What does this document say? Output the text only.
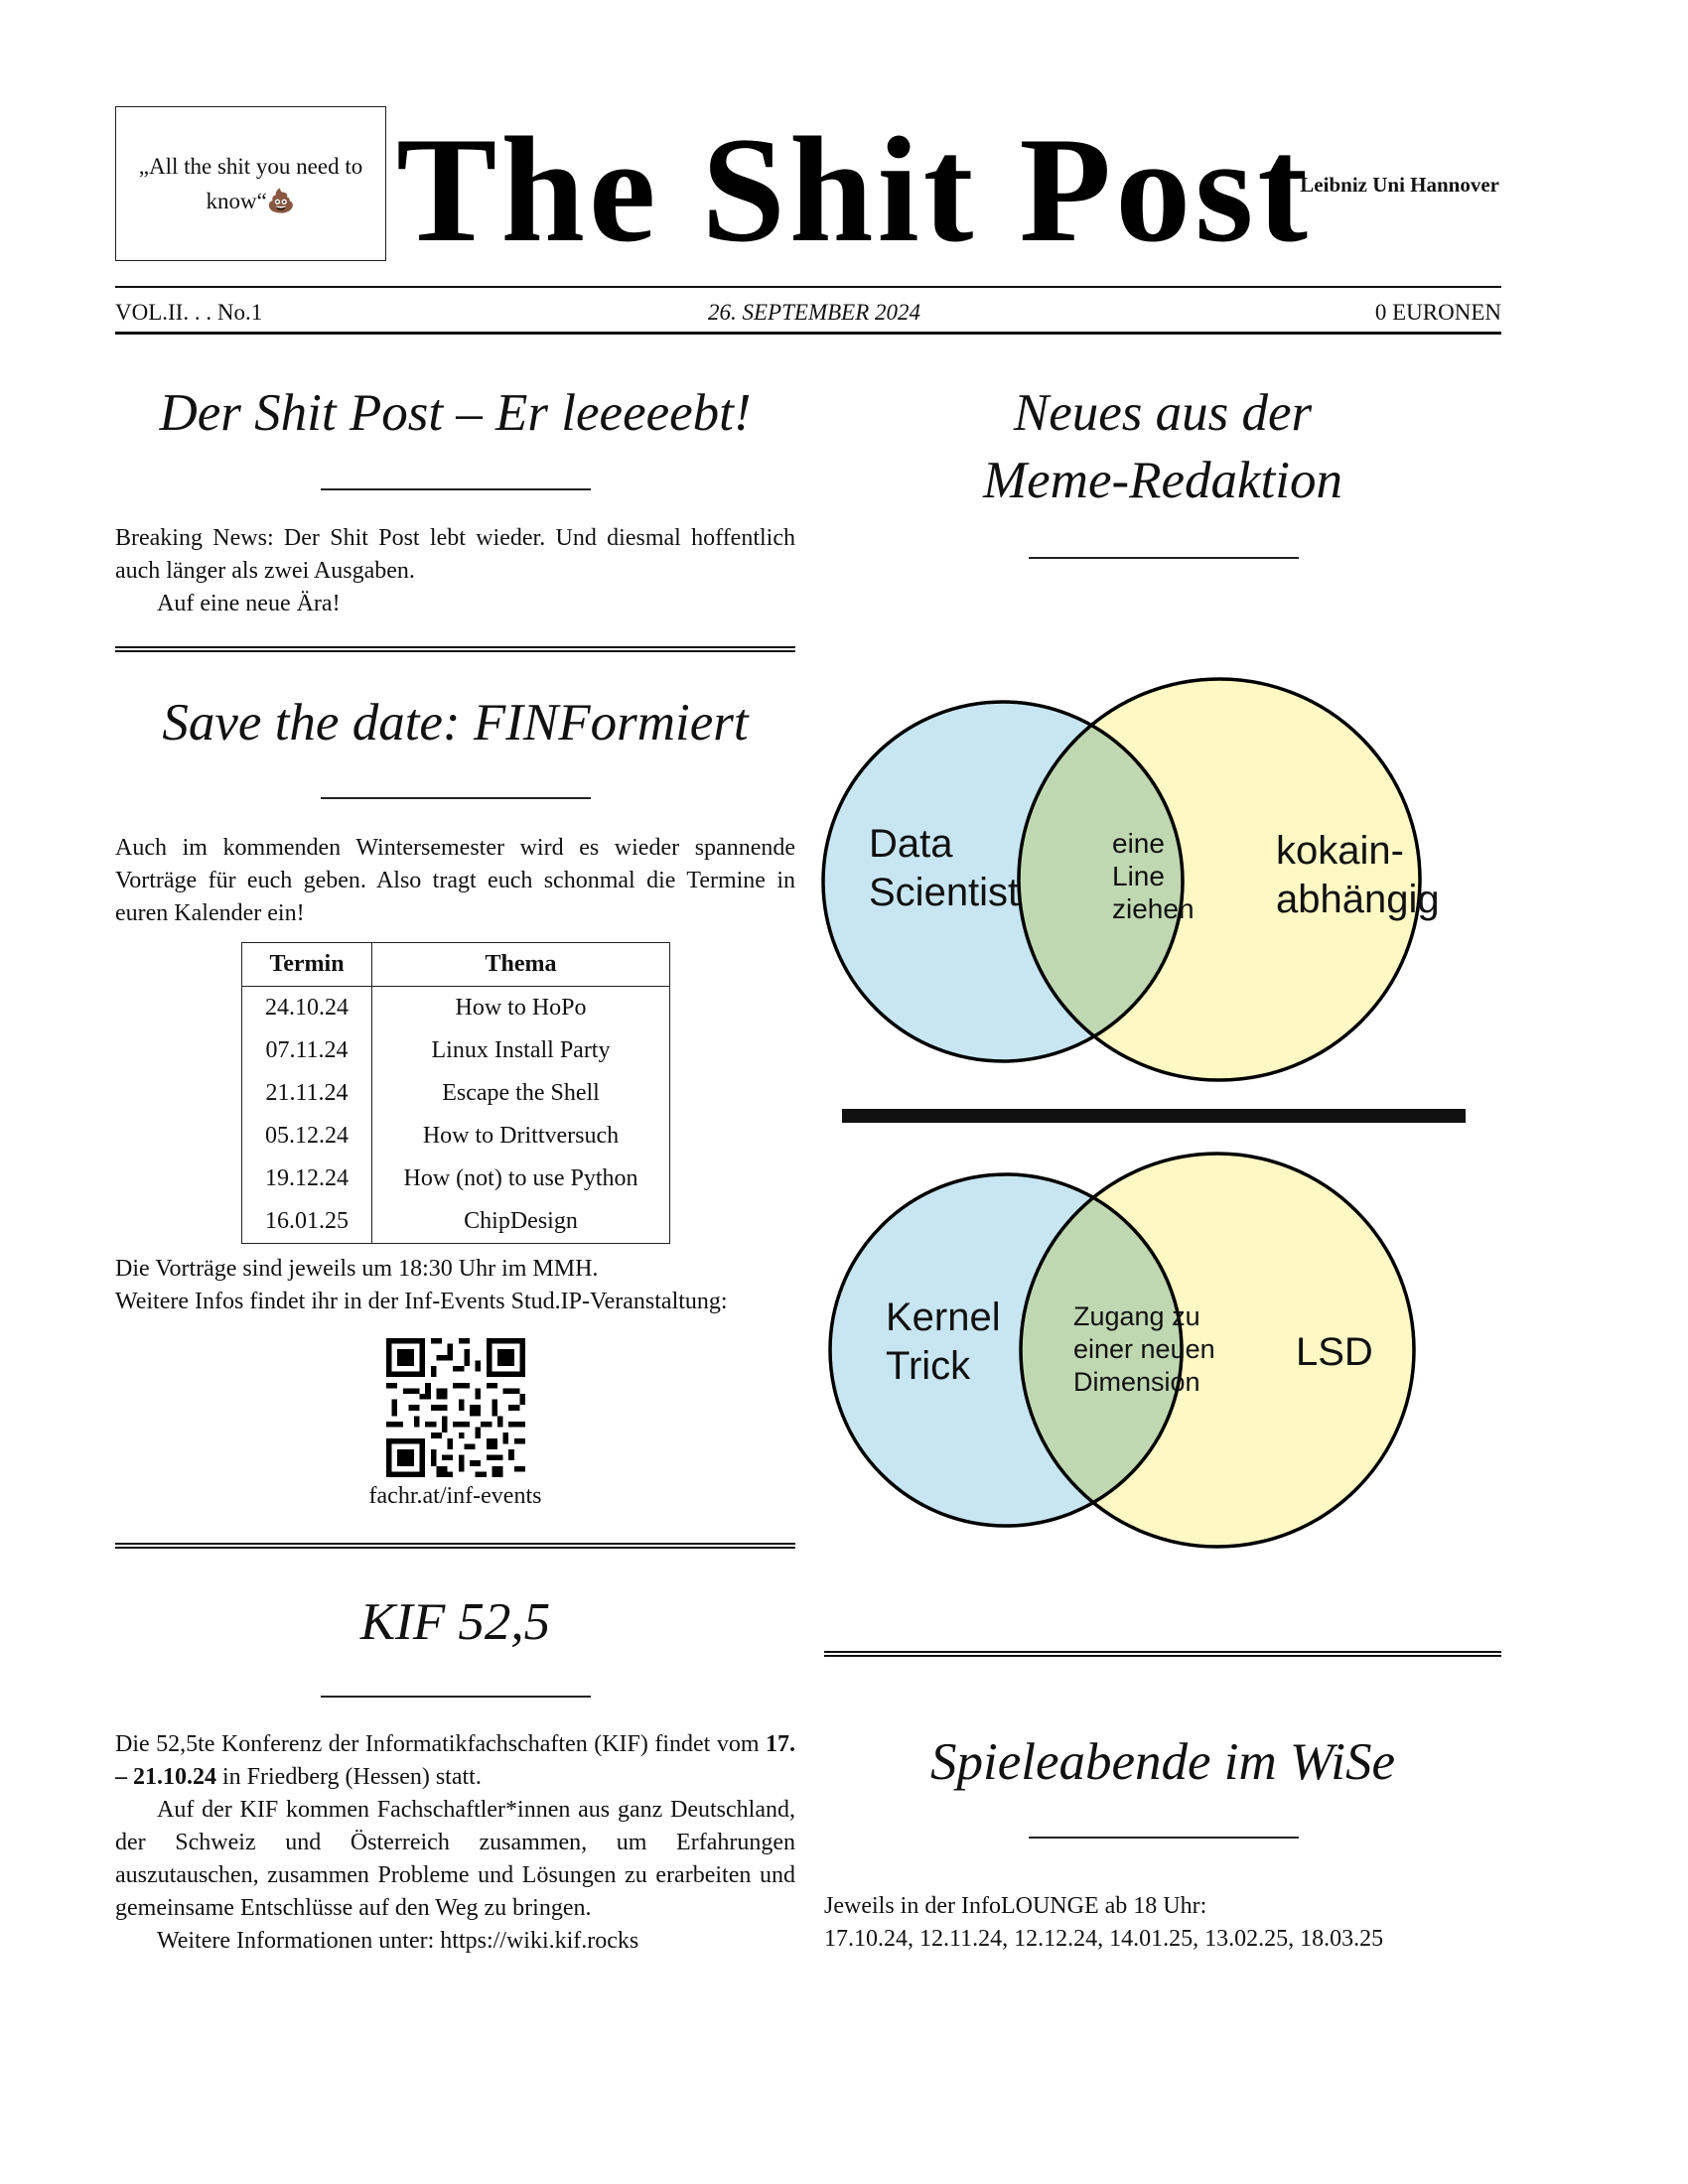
„All the shit you need to know“💩 The Shit Post
Leibniz Uni Hannover
VOL.II. . . No.1	26. SEPTEMBER 2024	0 EURONEN
Der Shit Post – Er leeeeebt!
Breaking News: Der Shit Post lebt wieder. Und diesmal hoffentlich auch länger als zwei Ausgaben.
Auf eine neue Ära!
Save the date: FINFormiert
Auch im kommenden Wintersemester wird es wieder spannende Vorträge für euch geben. Also tragt euch schonmal die Termine in euren Kalender ein!
Termin	Thema
24.10.24	How to HoPo
07.11.24	Linux Install Party
21.11.24	Escape the Shell
05.12.24	How to Drittversuch
19.12.24	How (not) to use Python
16.01.25	ChipDesign
Die Vorträge sind jeweils um 18:30 Uhr im MMH.
Weitere Infos findet ihr in der Inf-Events Stud.IP-Veranstaltung:
fachr.at/inf-events
KIF 52,5
Die 52,5te Konferenz der Informatikfachschaften (KIF) findet vom 17. – 21.10.24 in Friedberg (Hessen) statt.
Auf der KIF kommen Fachschaftler*innen aus ganz Deutschland, der Schweiz und Österreich zusammen, um Erfahrungen auszutauschen, zusammen Probleme und Lösungen zu erarbeiten und gemeinsame Entschlüsse auf den Weg zu bringen.
Weitere Informationen unter: https://wiki.kif.rocks
Neues aus der
Meme-Redaktion
Data
Scientist
eine
Line
ziehen
kokain-
abhängig
Kernel
Trick
Zugang zu
einer neuen
Dimension
LSD
Spieleabende im WiSe
Jeweils in der InfoLOUNGE ab 18 Uhr:
17.10.24, 12.11.24, 12.12.24, 14.01.25, 13.02.25, 18.03.25
